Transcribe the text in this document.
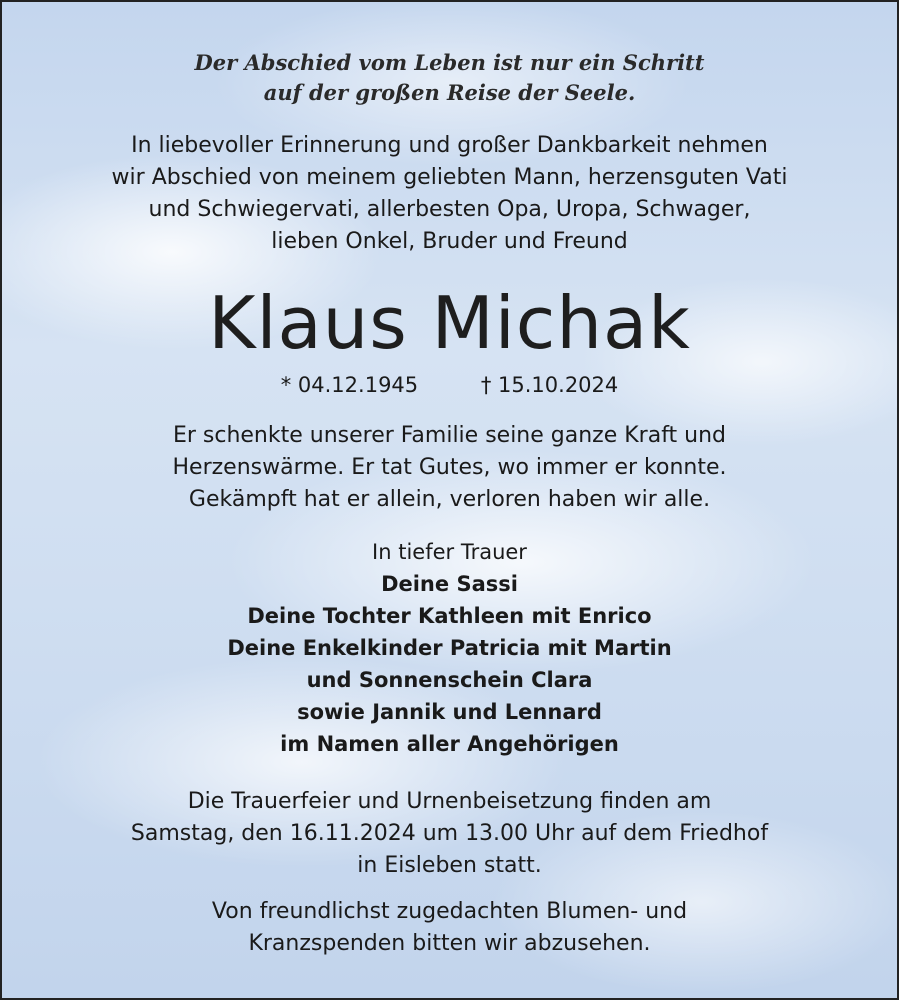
Der Abschied vom Leben ist nur ein Schritt
auf der großen Reise der Seele.
In liebevoller Erinnerung und großer Dankbarkeit nehmen
wir Abschied von meinem geliebten Mann, herzensguten Vati
und Schwiegervati, allerbesten Opa, Uropa, Schwager,
lieben Onkel, Bruder und Freund
Klaus Michak
* 04.12.1945	† 15.10.2024
Er schenkte unserer Familie seine ganze Kraft und
Herzenswärme. Er tat Gutes, wo immer er konnte.
Gekämpft hat er allein, verloren haben wir alle.
In tiefer Trauer
Deine Sassi
Deine Tochter Kathleen mit Enrico
Deine Enkelkinder Patricia mit Martin
und Sonnenschein Clara
sowie Jannik und Lennard
im Namen aller Angehörigen
Die Trauerfeier und Urnenbeisetzung finden am
Samstag, den 16.11.2024 um 13.00 Uhr auf dem Friedhof
in Eisleben statt.
Von freundlichst zugedachten Blumen- und
Kranzspenden bitten wir abzusehen.
